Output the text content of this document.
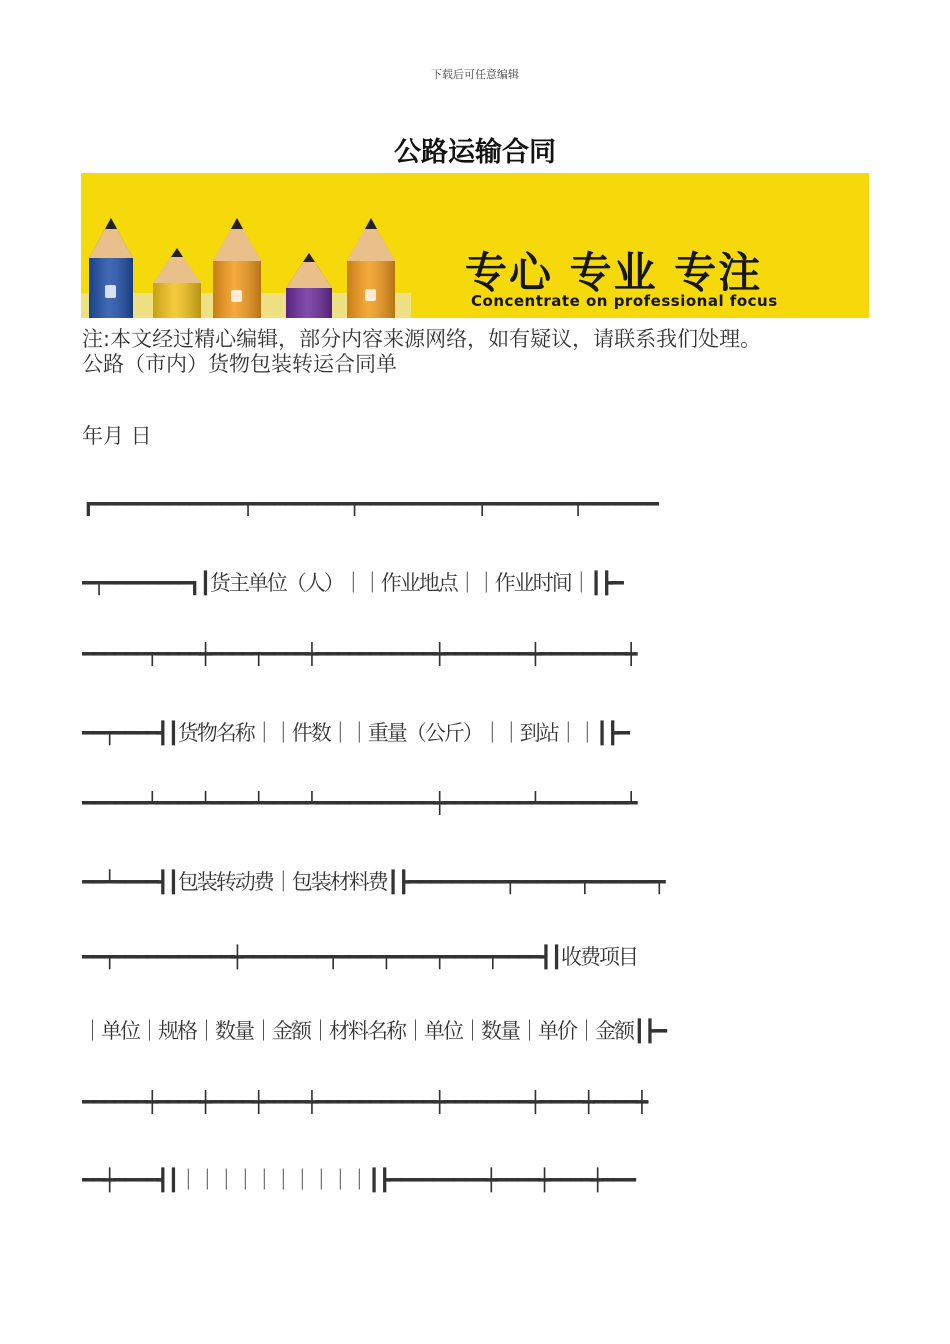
下载后可任意编辑
公路运输合同
专心 专业 专注
Concentrate on professional focus
注:本文经过精心编辑，部分内容来源网络，如有疑议，请联系我们处理。
公路（市内）货物包装转运合同单
年月 日
┏━━━━━━━━━━━━━━┯━━━━━━━━━┯━━━━━━━━━━━┯━━━━━━━━┯━━━━━━━
━┯━━━━━━━━┓┃货主单位（人）｜｜作业地点｜｜作业时间｜┃┣━
━━━━━━┯━━━━┿━━━━┯━━━━┿━━━━━━━━━━━┿━━━━━━━━┿━━━━━━━━┿
━━┯━━━━┫┃货物名称｜｜件数｜｜重量（公斤）｜｜到站｜｜┃┣━
━━━━━━┷━━━━┷━━━━┷━━━━┷━━━━━━━━━━━┿━━━━━━━━┷━━━━━━━━┷
━━┷━━━━┫┃包装转动费｜包装材料费┃┣━━━━━━━━━┯━━━━━━┯━━━━━━┯
━━┯━━━━━━━━━━━┿━━━━━━━━┯━━━━┯━━━━┯━━━━┯━━━━┫┃收费项目
｜单位｜规格｜数量｜金额｜材料名称｜单位｜数量｜单价｜金额┃┣━
━━━━━━┿━━━━┿━━━━┿━━━━┿━━━━━━━━━━━┿━━━━━━━━┿━━━━┿━━━━┿
━━┿━━━━┫┃｜｜｜｜｜｜｜｜｜｜┃┣━━━━━━━━━┿━━━━┿━━━━┿━━━
